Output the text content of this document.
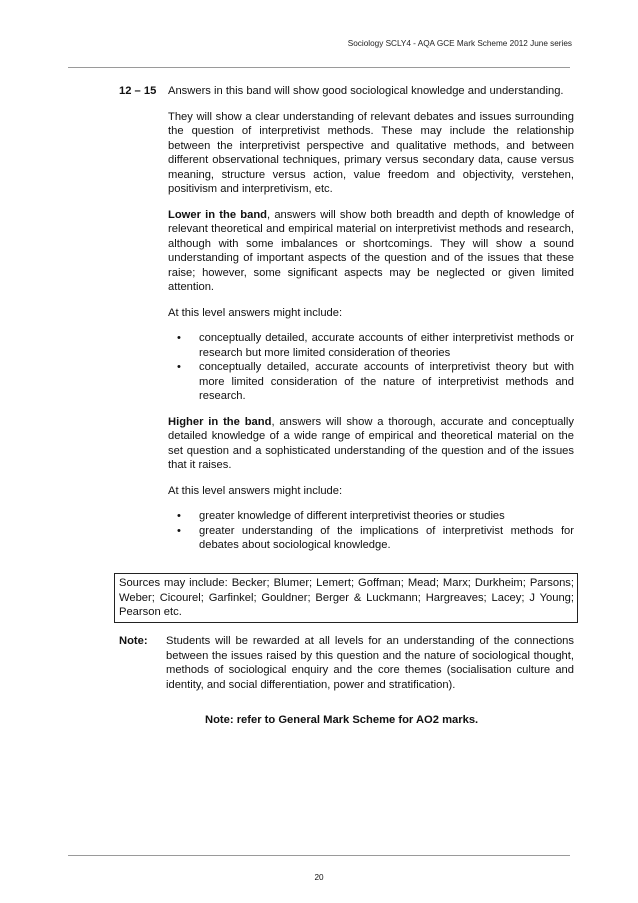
Sociology SCLY4 - AQA GCE Mark Scheme 2012 June series
12 – 15 Answers in this band will show good sociological knowledge and understanding.

They will show a clear understanding of relevant debates and issues surrounding the question of interpretivist methods. These may include the relationship between the interpretivist perspective and qualitative methods, and between different observational techniques, primary versus secondary data, cause versus meaning, structure versus action, value freedom and objectivity, verstehen, positivism and interpretivism, etc.

Lower in the band, answers will show both breadth and depth of knowledge of relevant theoretical and empirical material on interpretivist methods and research, although with some imbalances or shortcomings. They will show a sound understanding of important aspects of the question and of the issues that these raise; however, some significant aspects may be neglected or given limited attention.

At this level answers might include:

• conceptually detailed, accurate accounts of either interpretivist methods or research but more limited consideration of theories
• conceptually detailed, accurate accounts of interpretivist theory but with more limited consideration of the nature of interpretivist methods and research.

Higher in the band, answers will show a thorough, accurate and conceptually detailed knowledge of a wide range of empirical and theoretical material on the set question and a sophisticated understanding of the question and of the issues that it raises.

At this level answers might include:

• greater knowledge of different interpretivist theories or studies
• greater understanding of the implications of interpretivist methods for debates about sociological knowledge.
Sources may include: Becker; Blumer; Lemert; Goffman; Mead; Marx; Durkheim; Parsons; Weber; Cicourel; Garfinkel; Gouldner; Berger & Luckmann; Hargreaves; Lacey; J Young; Pearson etc.
Note: Students will be rewarded at all levels for an understanding of the connections between the issues raised by this question and the nature of sociological thought, methods of sociological enquiry and the core themes (socialisation culture and identity, and social differentiation, power and stratification).
Note: refer to General Mark Scheme for AO2 marks.
20
